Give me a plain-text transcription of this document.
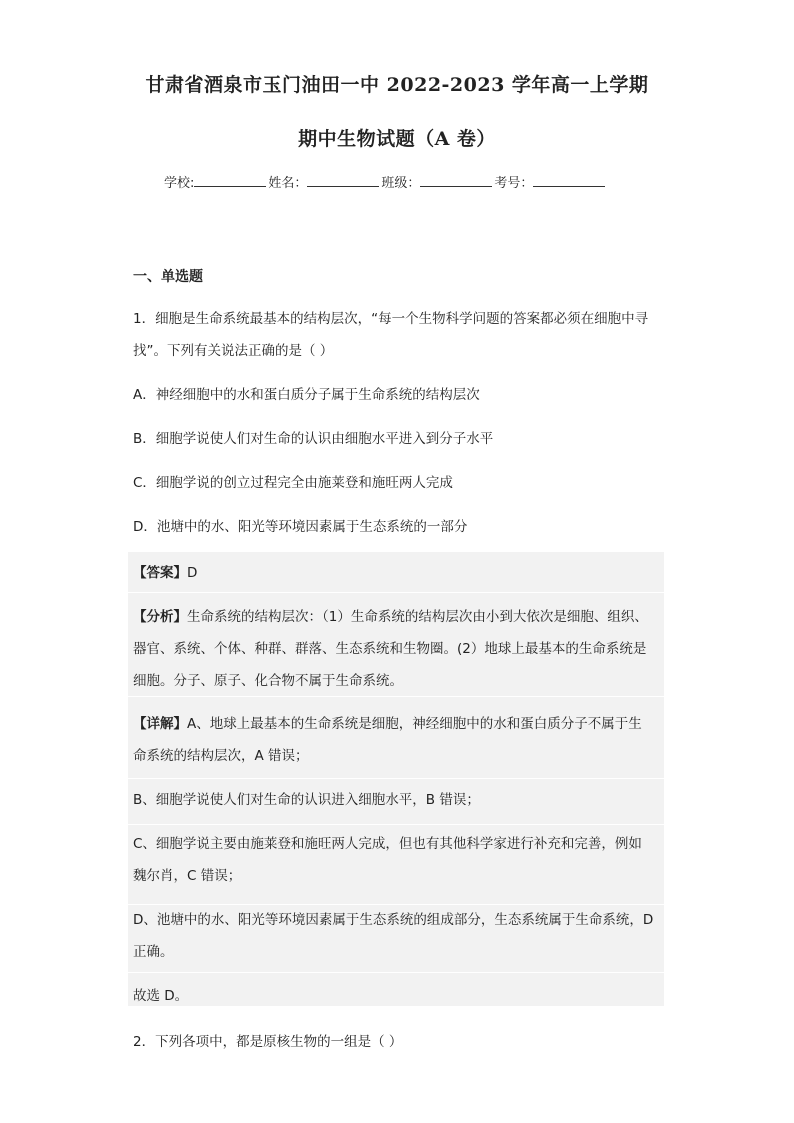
甘肃省酒泉市玉门油田一中 2022-2023 学年高一上学期
期中生物试题（A 卷）
学校:	姓名：	班级：	考号：
一、单选题
1．细胞是生命系统最基本的结构层次，“每一个生物科学问题的答案都必须在细胞中寻
找”。下列有关说法正确的是（ ）
A．神经细胞中的水和蛋白质分子属于生命系统的结构层次
B．细胞学说使人们对生命的认识由细胞水平进入到分子水平
C．细胞学说的创立过程完全由施莱登和施旺两人完成
D．池塘中的水、阳光等环境因素属于生态系统的一部分
【答案】D
【分析】生命系统的结构层次：（1）生命系统的结构层次由小到大依次是细胞、组织、
器官、系统、个体、种群、群落、生态系统和生物圈。(2）地球上最基本的生命系统是
细胞。分子、原子、化合物不属于生命系统。
【详解】A、地球上最基本的生命系统是细胞，神经细胞中的水和蛋白质分子不属于生
命系统的结构层次，A 错误；
B、细胞学说使人们对生命的认识进入细胞水平，B 错误；
C、细胞学说主要由施莱登和施旺两人完成，但也有其他科学家进行补充和完善，例如
魏尔肖，C 错误；
D、池塘中的水、阳光等环境因素属于生态系统的组成部分，生态系统属于生命系统，D
正确。
故选 D。
2．下列各项中，都是原核生物的一组是（ ）
